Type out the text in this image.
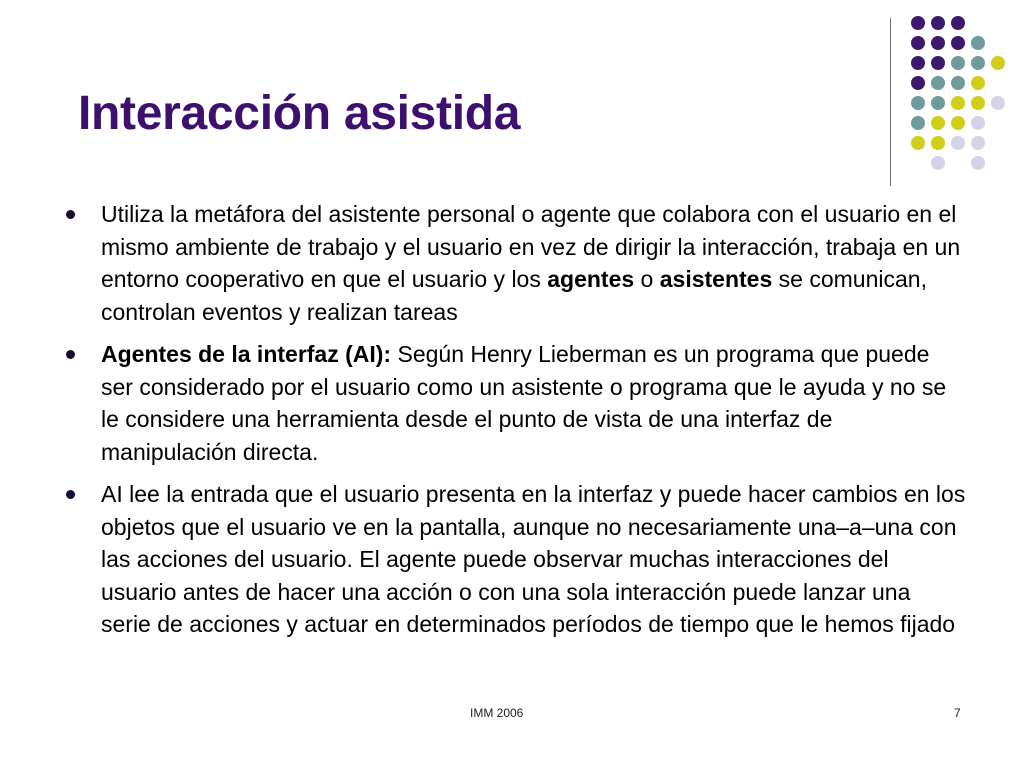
Interacción asistida
Utiliza la metáfora del asistente personal o agente que colabora con el usuario en el mismo ambiente de trabajo y el usuario en vez de dirigir la interacción, trabaja en un entorno cooperativo en que el usuario y los agentes o asistentes se comunican, controlan eventos y realizan tareas
Agentes de la interfaz (AI): Según Henry Lieberman es un programa que puede ser considerado por el usuario como un asistente o programa que le ayuda y no se le considere una herramienta desde el punto de vista de una interfaz de manipulación directa.
AI lee la entrada que el usuario presenta en la interfaz y puede hacer cambios en los objetos que el usuario ve en la pantalla, aunque no necesariamente una–a–una con las acciones del usuario. El agente puede observar muchas interacciones del usuario antes de hacer una acción o con una sola interacción puede lanzar una serie de acciones y actuar en determinados períodos de tiempo que le hemos fijado
IMM 2006	7
